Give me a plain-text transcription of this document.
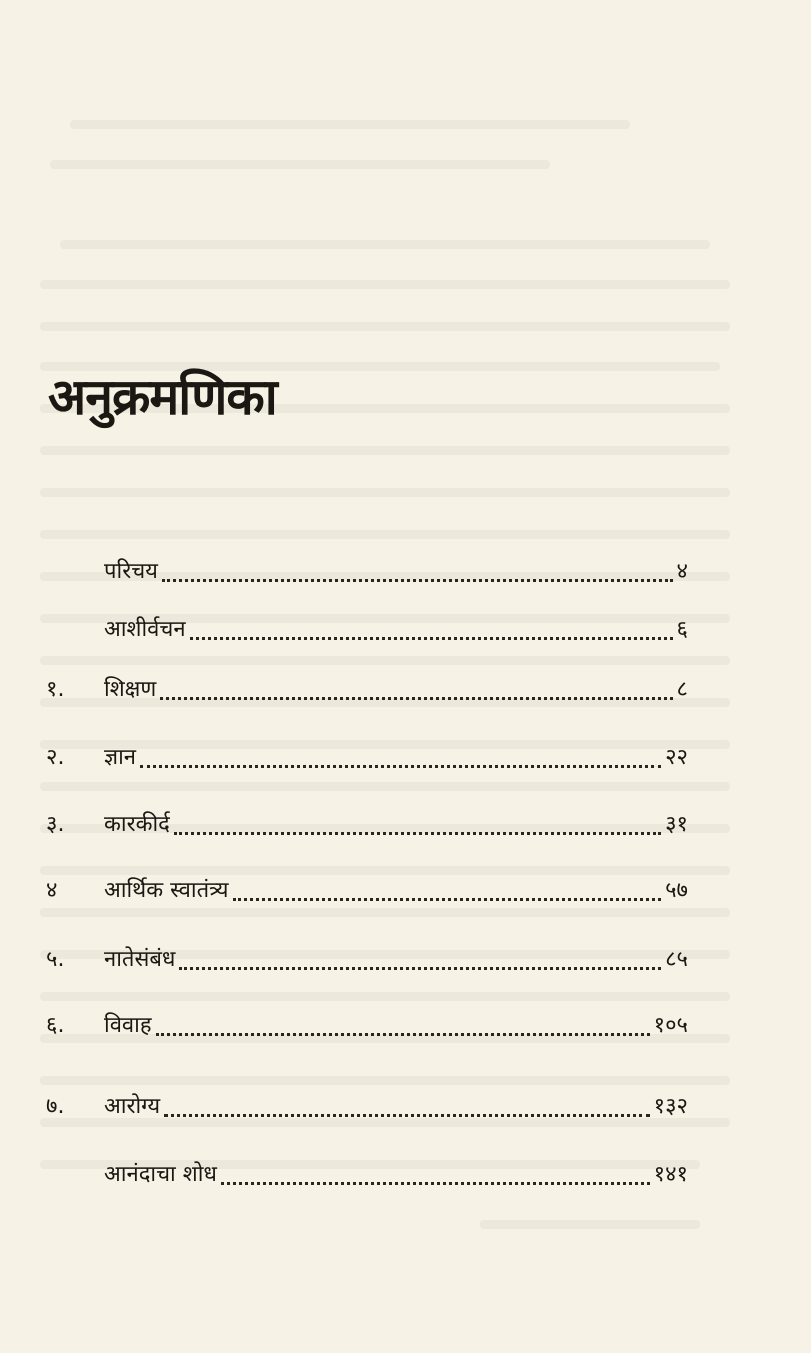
अनुक्रमणिका
परिचय	४
आशीर्वचन	६
१.	शिक्षण	८
२.	ज्ञान	२२
३.	कारकीर्द	३१
४	आर्थिक स्वातंत्र्य	५७
५.	नातेसंबंध	८५
६.	विवाह	१०५
७.	आरोग्य	१३२
आनंदाचा शोध	१४१
